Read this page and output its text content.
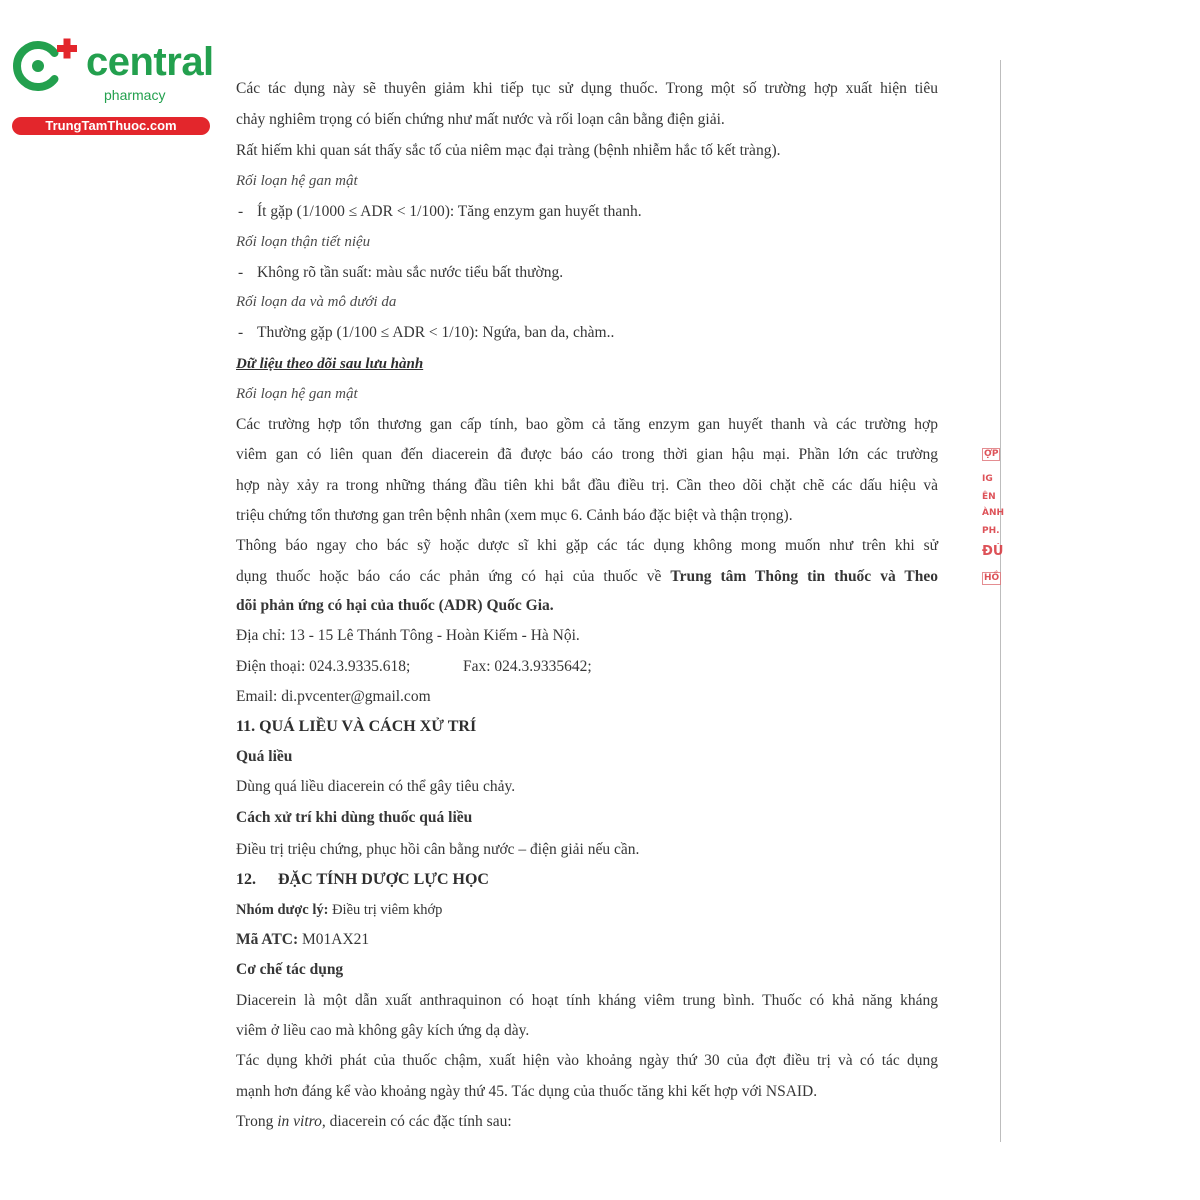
central
pharmacy
TrungTamThuoc.com
Các tác dụng này sẽ thuyên giảm khi tiếp tục sử dụng thuốc. Trong một số trường hợp xuất hiện tiêu
chảy nghiêm trọng có biến chứng như mất nước và rối loạn cân bằng điện giải.
Rất hiếm khi quan sát thấy sắc tố của niêm mạc đại tràng (bệnh nhiễm hắc tố kết tràng).
Rối loạn hệ gan mật
- Ít gặp (1/1000 ≤ ADR < 1/100): Tăng enzym gan huyết thanh.
Rối loạn thận tiết niệu
- Không rõ tần suất: màu sắc nước tiểu bất thường.
Rối loạn da và mô dưới da
- Thường gặp (1/100 ≤ ADR < 1/10): Ngứa, ban da, chàm..
Dữ liệu theo dõi sau lưu hành
Rối loạn hệ gan mật
Các trường hợp tổn thương gan cấp tính, bao gồm cả tăng enzym gan huyết thanh và các trường hợp
viêm gan có liên quan đến diacerein đã được báo cáo trong thời gian hậu mại. Phần lớn các trường
hợp này xảy ra trong những tháng đầu tiên khi bắt đầu điều trị. Cần theo dõi chặt chẽ các dấu hiệu và
triệu chứng tổn thương gan trên bệnh nhân (xem mục 6. Cảnh báo đặc biệt và thận trọng).
Thông báo ngay cho bác sỹ hoặc dược sĩ khi gặp các tác dụng không mong muốn như trên khi sử
dụng thuốc hoặc báo cáo các phản ứng có hại của thuốc về Trung tâm Thông tin thuốc và Theo
dõi phản ứng có hại của thuốc (ADR) Quốc Gia.
Địa chỉ: 13 - 15 Lê Thánh Tông - Hoàn Kiếm - Hà Nội.
Điện thoại: 024.3.9335.618;	Fax: 024.3.9335642;
Email: di.pvcenter@gmail.com
11. QUÁ LIỀU VÀ CÁCH XỬ TRÍ
Quá liều
Dùng quá liều diacerein có thể gây tiêu chảy.
Cách xử trí khi dùng thuốc quá liều
Điều trị triệu chứng, phục hồi cân bằng nước – điện giải nếu cần.
12. ĐẶC TÍNH DƯỢC LỰC HỌC
Nhóm dược lý: Điều trị viêm khớp
Mã ATC: M01AX21
Cơ chế tác dụng
Diacerein là một dẫn xuất anthraquinon có hoạt tính kháng viêm trung bình. Thuốc có khả năng kháng
viêm ở liều cao mà không gây kích ứng dạ dày.
Tác dụng khởi phát của thuốc chậm, xuất hiện vào khoảng ngày thứ 30 của đợt điều trị và có tác dụng
mạnh hơn đáng kể vào khoảng ngày thứ 45. Tác dụng của thuốc tăng khi kết hợp với NSAID.
Trong in vitro, diacerein có các đặc tính sau:
ỢP
IG
ÊN
ÀNH
PH.
ĐÚ
HỒ
